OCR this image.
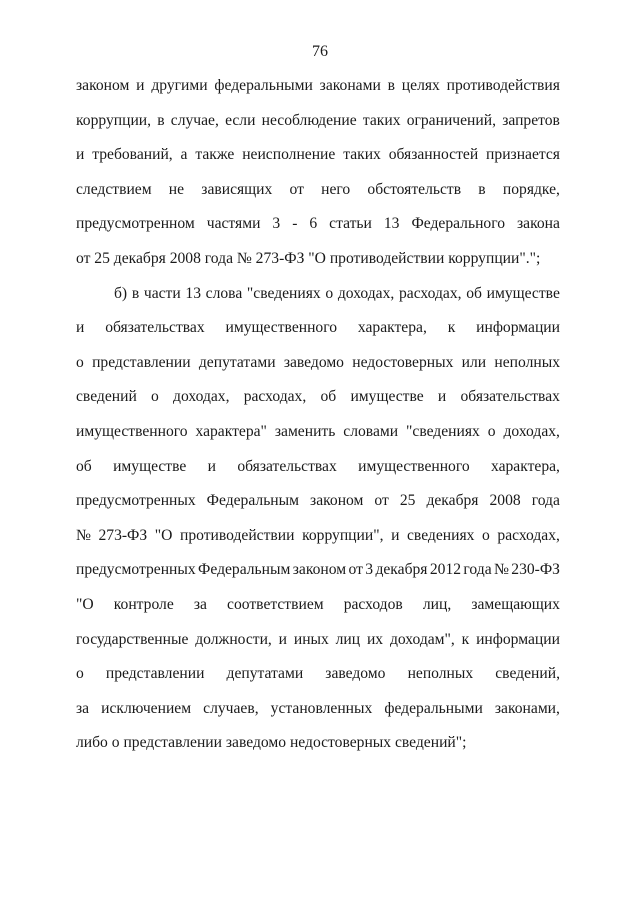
76
законом и другими федеральными законами в целях противодействия
коррупции, в случае, если несоблюдение таких ограничений, запретов
и требований, а также неисполнение таких обязанностей признается
следствием не зависящих от него обстоятельств в порядке,
предусмотренном частями 3 - 6 статьи 13 Федерального закона
от 25 декабря 2008 года № 273-ФЗ "О противодействии коррупции".";
б) в части 13 слова "сведениях о доходах, расходах, об имуществе
и обязательствах имущественного характера, к информации
о представлении депутатами заведомо недостоверных или неполных
сведений о доходах, расходах, об имуществе и обязательствах
имущественного характера" заменить словами "сведениях о доходах,
об имуществе и обязательствах имущественного характера,
предусмотренных Федеральным законом от 25 декабря 2008 года
№ 273-ФЗ "О противодействии коррупции", и сведениях о расходах,
предусмотренных Федеральным законом от 3 декабря 2012 года № 230-ФЗ
"О контроле за соответствием расходов лиц, замещающих
государственные должности, и иных лиц их доходам", к информации
о представлении депутатами заведомо неполных сведений,
за исключением случаев, установленных федеральными законами,
либо о представлении заведомо недостоверных сведений";
